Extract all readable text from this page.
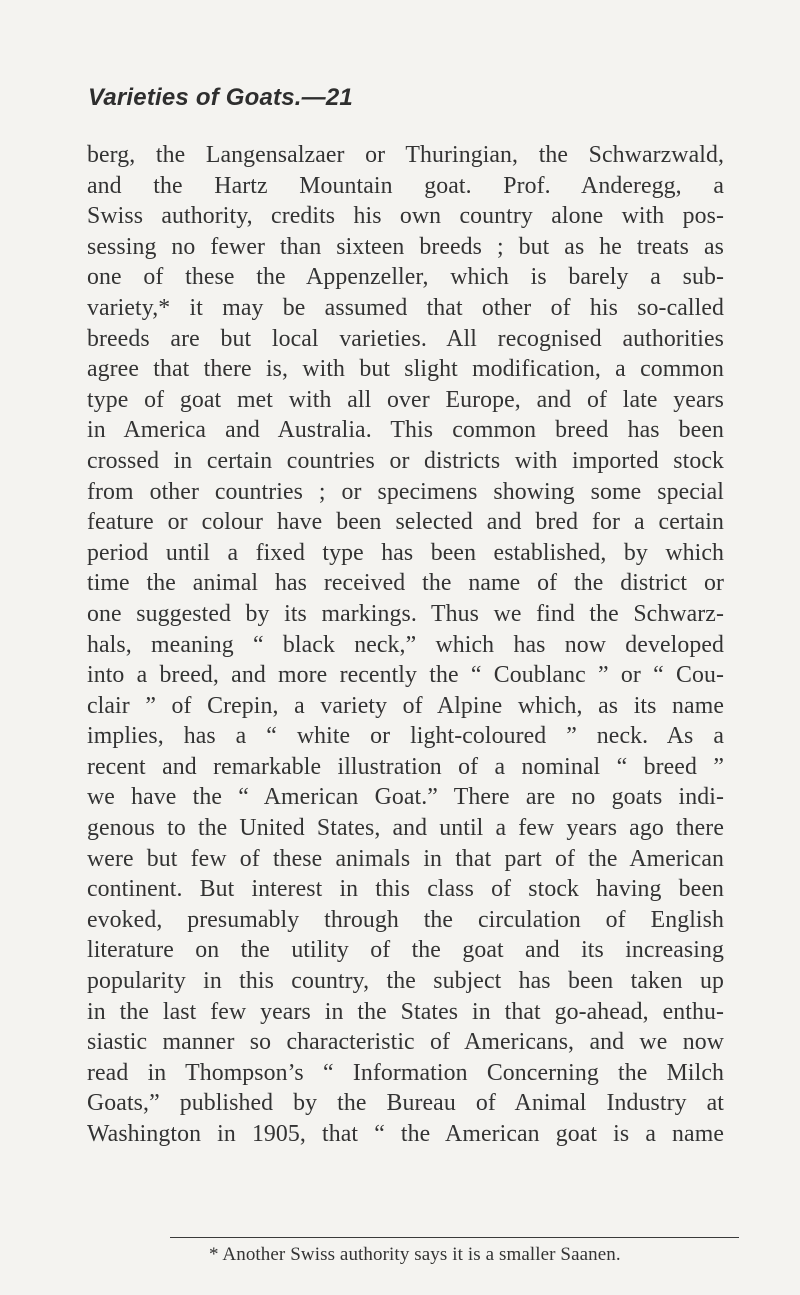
Varieties of Goats.—21
berg, the Langensalzaer or Thuringian, the Schwarzwald,
and the Hartz Mountain goat. Prof. Anderegg, a
Swiss authority, credits his own country alone with pos-
sessing no fewer than sixteen breeds ; but as he treats as
one of these the Appenzeller, which is barely a sub-
variety,* it may be assumed that other of his so-called
breeds are but local varieties. All recognised authorities
agree that there is, with but slight modification, a common
type of goat met with all over Europe, and of late years
in America and Australia. This common breed has been
crossed in certain countries or districts with imported stock
from other countries ; or specimens showing some special
feature or colour have been selected and bred for a certain
period until a fixed type has been established, by which
time the animal has received the name of the district or
one suggested by its markings. Thus we find the Schwarz-
hals, meaning “ black neck,” which has now developed
into a breed, and more recently the “ Coublanc ” or “ Cou-
clair ” of Crepin, a variety of Alpine which, as its name
implies, has a “ white or light-coloured ” neck. As a
recent and remarkable illustration of a nominal “ breed ”
we have the “ American Goat.” There are no goats indi-
genous to the United States, and until a few years ago there
were but few of these animals in that part of the American
continent. But interest in this class of stock having been
evoked, presumably through the circulation of English
literature on the utility of the goat and its increasing
popularity in this country, the subject has been taken up
in the last few years in the States in that go-ahead, enthu-
siastic manner so characteristic of Americans, and we now
read in Thompson’s “ Information Concerning the Milch
Goats,” published by the Bureau of Animal Industry at
Washington in 1905, that “ the American goat is a name
* Another Swiss authority says it is a smaller Saanen.
